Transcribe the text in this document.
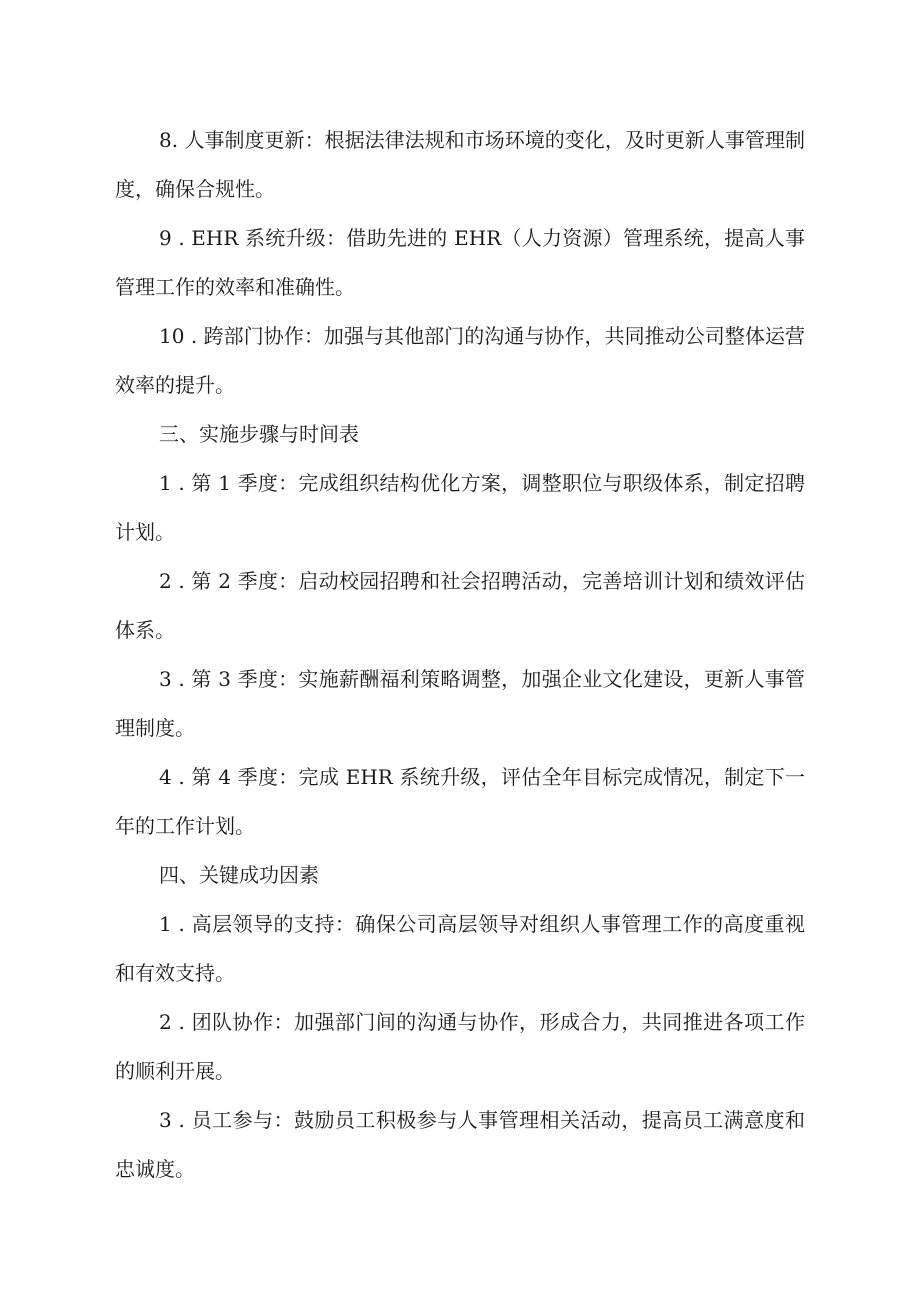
8. 人事制度更新：根据法律法规和市场环境的变化，及时更新人事管理制度，确保合规性。

9 . EHR 系统升级：借助先进的 EHR（人力资源）管理系统，提高人事管理工作的效率和准确性。

10 . 跨部门协作：加强与其他部门的沟通与协作，共同推动公司整体运营效率的提升。

三、实施步骤与时间表

1 . 第 1 季度：完成组织结构优化方案，调整职位与职级体系，制定招聘计划。

2 . 第 2 季度：启动校园招聘和社会招聘活动，完善培训计划和绩效评估体系。

3 . 第 3 季度：实施薪酬福利策略调整，加强企业文化建设，更新人事管理制度。

4 . 第 4 季度：完成 EHR 系统升级，评估全年目标完成情况，制定下一年的工作计划。

四、关键成功因素

1 . 高层领导的支持：确保公司高层领导对组织人事管理工作的高度重视和有效支持。

2 . 团队协作：加强部门间的沟通与协作，形成合力，共同推进各项工作的顺利开展。

3 . 员工参与：鼓励员工积极参与人事管理相关活动，提高员工满意度和忠诚度。
